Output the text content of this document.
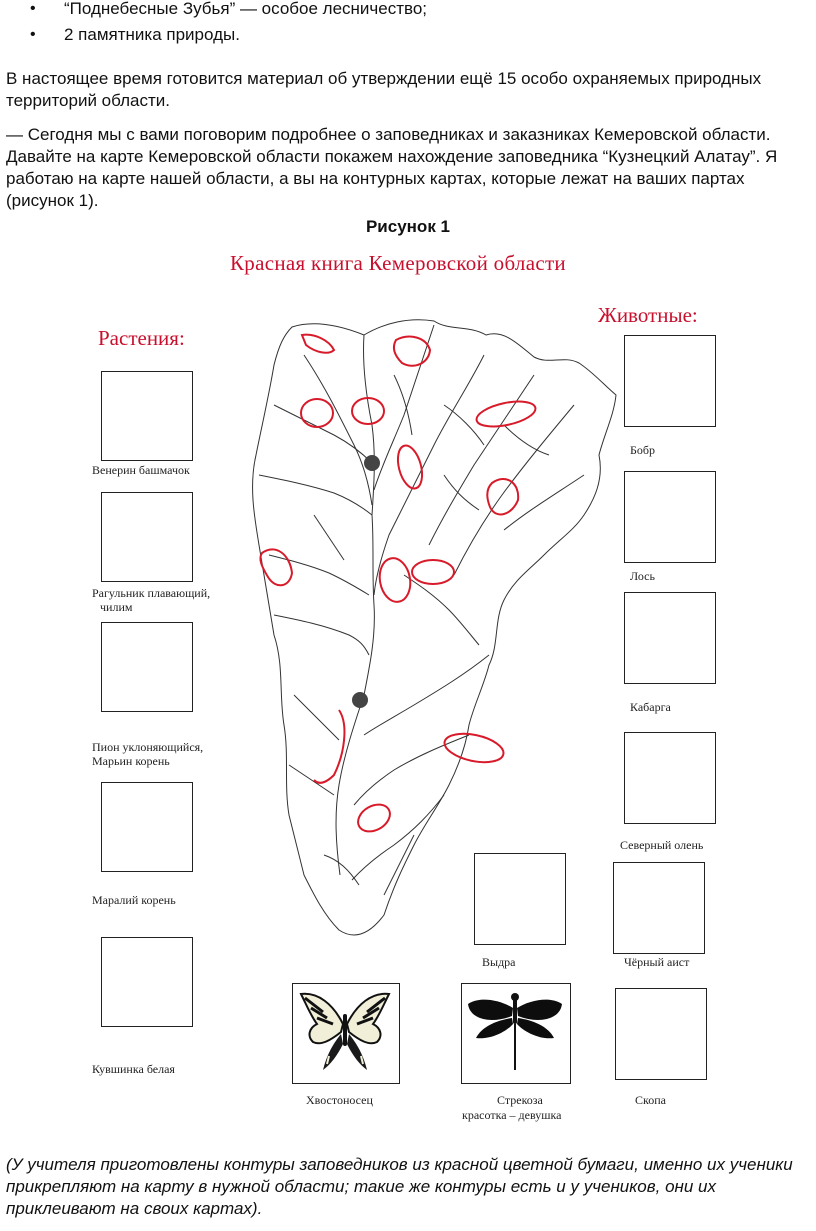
• “Поднебесные Зубья” — особое лесничество;
• 2 памятника природы.

В настоящее время готовится материал об утверждении ещё 15 особо охраняемых природных территорий области.

— Сегодня мы с вами поговорим подробнее о заповедниках и заказниках Кемеровской области. Давайте на карте Кемеровской области покажем нахождение заповедника “Кузнецкий Алатау”. Я работаю на карте нашей области, а вы на контурных картах, которые лежат на ваших партах (рисунок 1).

Рисунок 1
Красная книга Кемеровской области
Растения:
Животные:
Венерин башмачок
Рагульник плавающий,
чилим
Пион уклоняющийся,
Марьин корень
Маралий корень
Кувшинка белая
Бобр
Лось
Кабарга
Северный олень
Выдра	Чёрный аист
Хвостоносец	Стрекоза
красотка – девушка
Скопа

(У учителя приготовлены контуры заповедников из красной цветной бумаги, именно их ученики прикрепляют на карту в нужной области; такие же контуры есть и у учеников, они их приклеивают на своих картах).
